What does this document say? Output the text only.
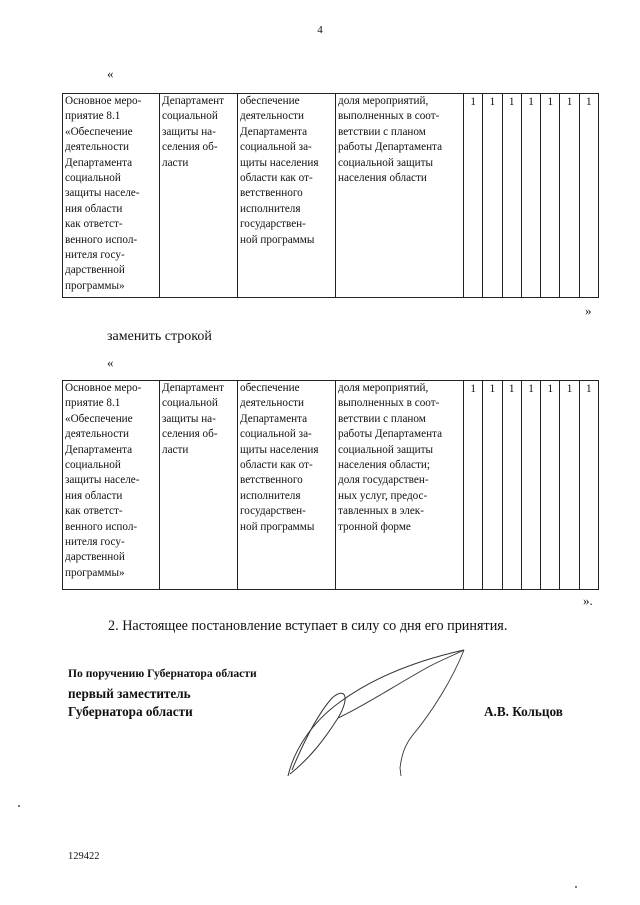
4
«
Основное меро-
приятие 8.1
«Обеспечение
деятельности
Департамента
социальной
защиты населе-
ния области
как ответст-
венного испол-
нителя госу-
дарственной
программы»

Департамент
социальной
защиты на-
селения об-
ласти

обеспечение
деятельности
Департамента
социальной за-
щиты населения
области как от-
ветственного
исполнителя
государствен-
ной программы

доля мероприятий,
выполненных в соот-
ветствии с планом
работы Департамента
социальной защиты
населения области
	1	1	1	1	1	1	1
»
заменить строкой
«
Основное меро-
приятие 8.1
«Обеспечение
деятельности
Департамента
социальной
защиты населе-
ния области
как ответст-
венного испол-
нителя госу-
дарственной
программы»

Департамент
социальной
защиты на-
селения об-
ласти

обеспечение
деятельности
Департамента
социальной за-
щиты населения
области как от-
ветственного
исполнителя
государствен-
ной программы

доля мероприятий,
выполненных в соот-
ветствии с планом
работы Департамента
социальной защиты
населения области;
доля государствен-
ных услуг, предос-
тавленных в элек-
тронной форме
	1	1	1	1	1	1	1
».
2. Настоящее постановление вступает в силу со дня его принятия.
По поручению Губернатора области
первый заместитель
Губернатора области	А.В. Кольцов
129422
